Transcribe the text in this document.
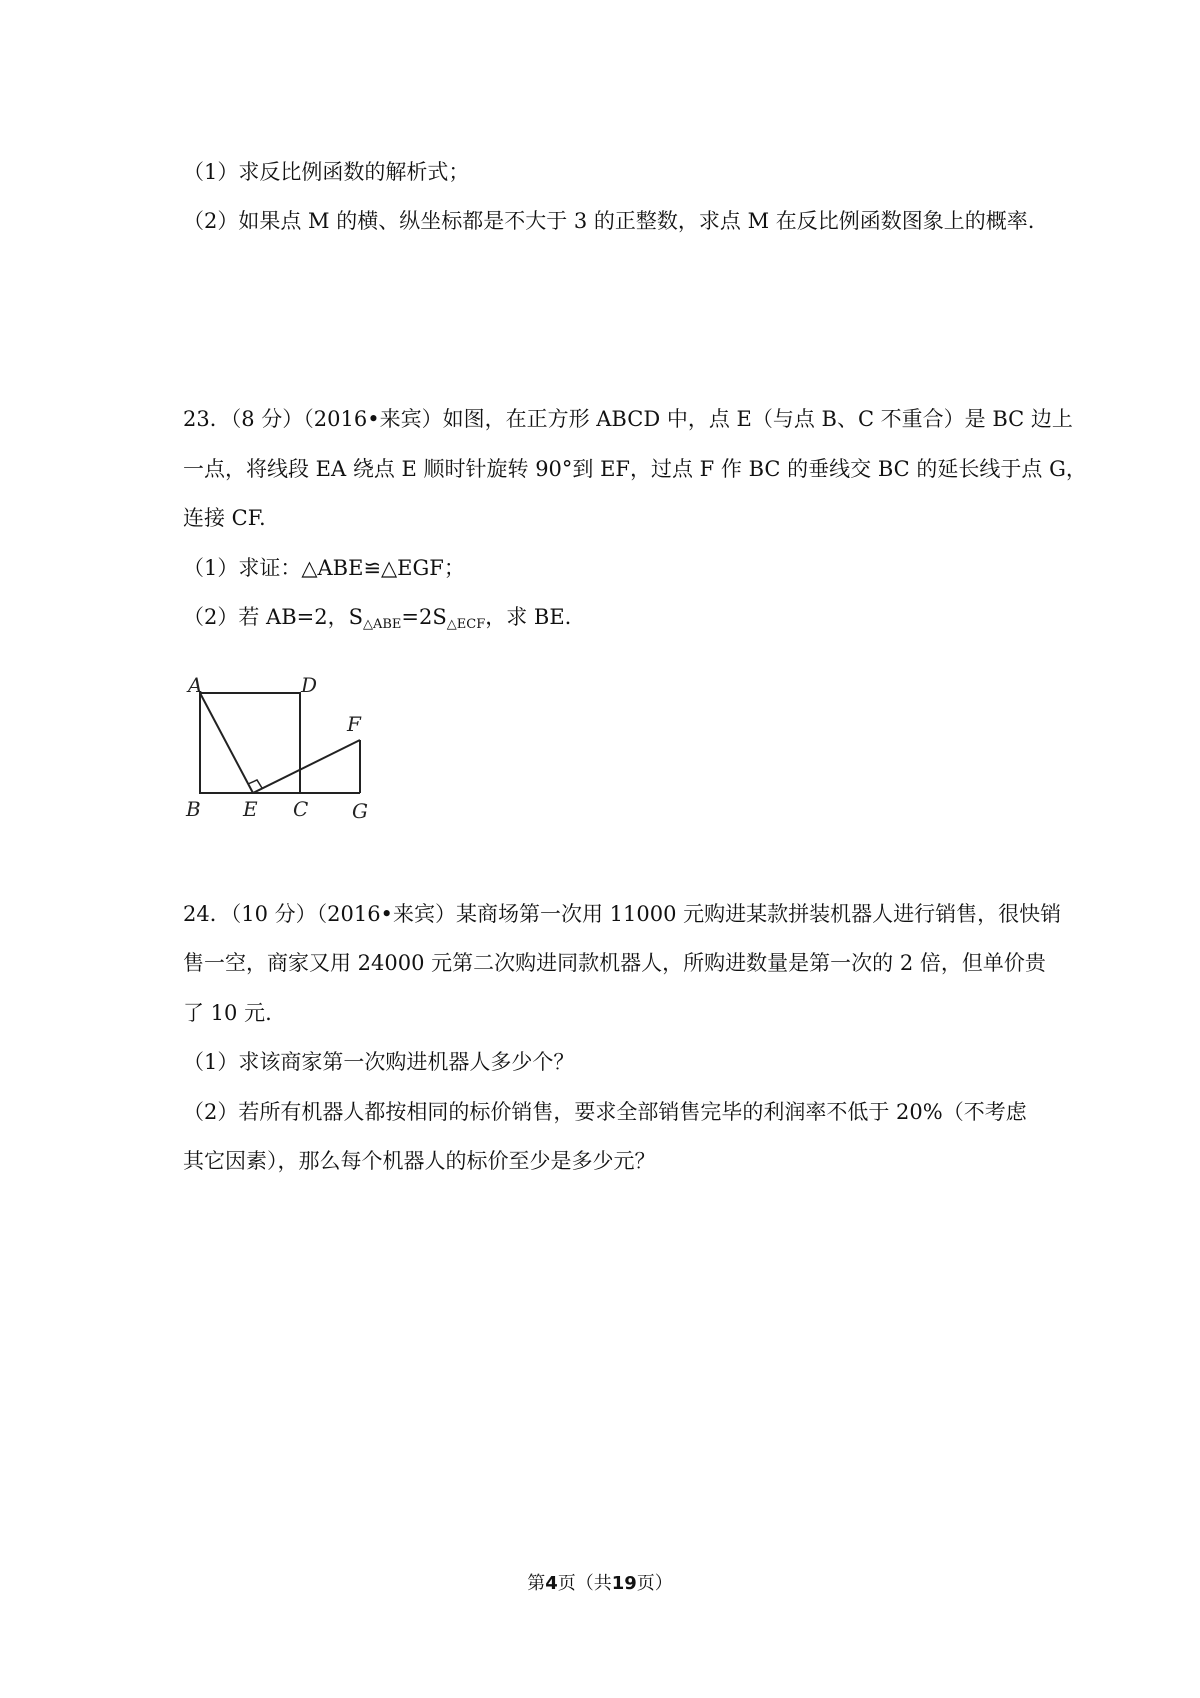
（1）求反比例函数的解析式；
（2）如果点 M 的横、纵坐标都是不大于 3 的正整数，求点 M 在反比例函数图象上的概率.
23．（8 分）（2016•来宾）如图，在正方形 ABCD 中，点 E（与点 B、C 不重合）是 BC 边上
一点，将线段 EA 绕点 E 顺时针旋转 90°到 EF，过点 F 作 BC 的垂线交 BC 的延长线于点 G，
连接 CF.
（1）求证：△ABE≌△EGF；
（2）若 AB=2，$S_{\triangle ABE}=2S_{\triangle ECF}$，求 BE.
A	D
F
B E C G
24．（10 分）（2016•来宾）某商场第一次用 11000 元购进某款拼装机器人进行销售，很快销
售一空，商家又用 24000 元第二次购进同款机器人，所购进数量是第一次的 2 倍，但单价贵
了 10 元.
（1）求该商家第一次购进机器人多少个？
（2）若所有机器人都按相同的标价销售，要求全部销售完毕的利润率不低于 20%（不考虑
其它因素），那么每个机器人的标价至少是多少元？
第4页（共19页）
